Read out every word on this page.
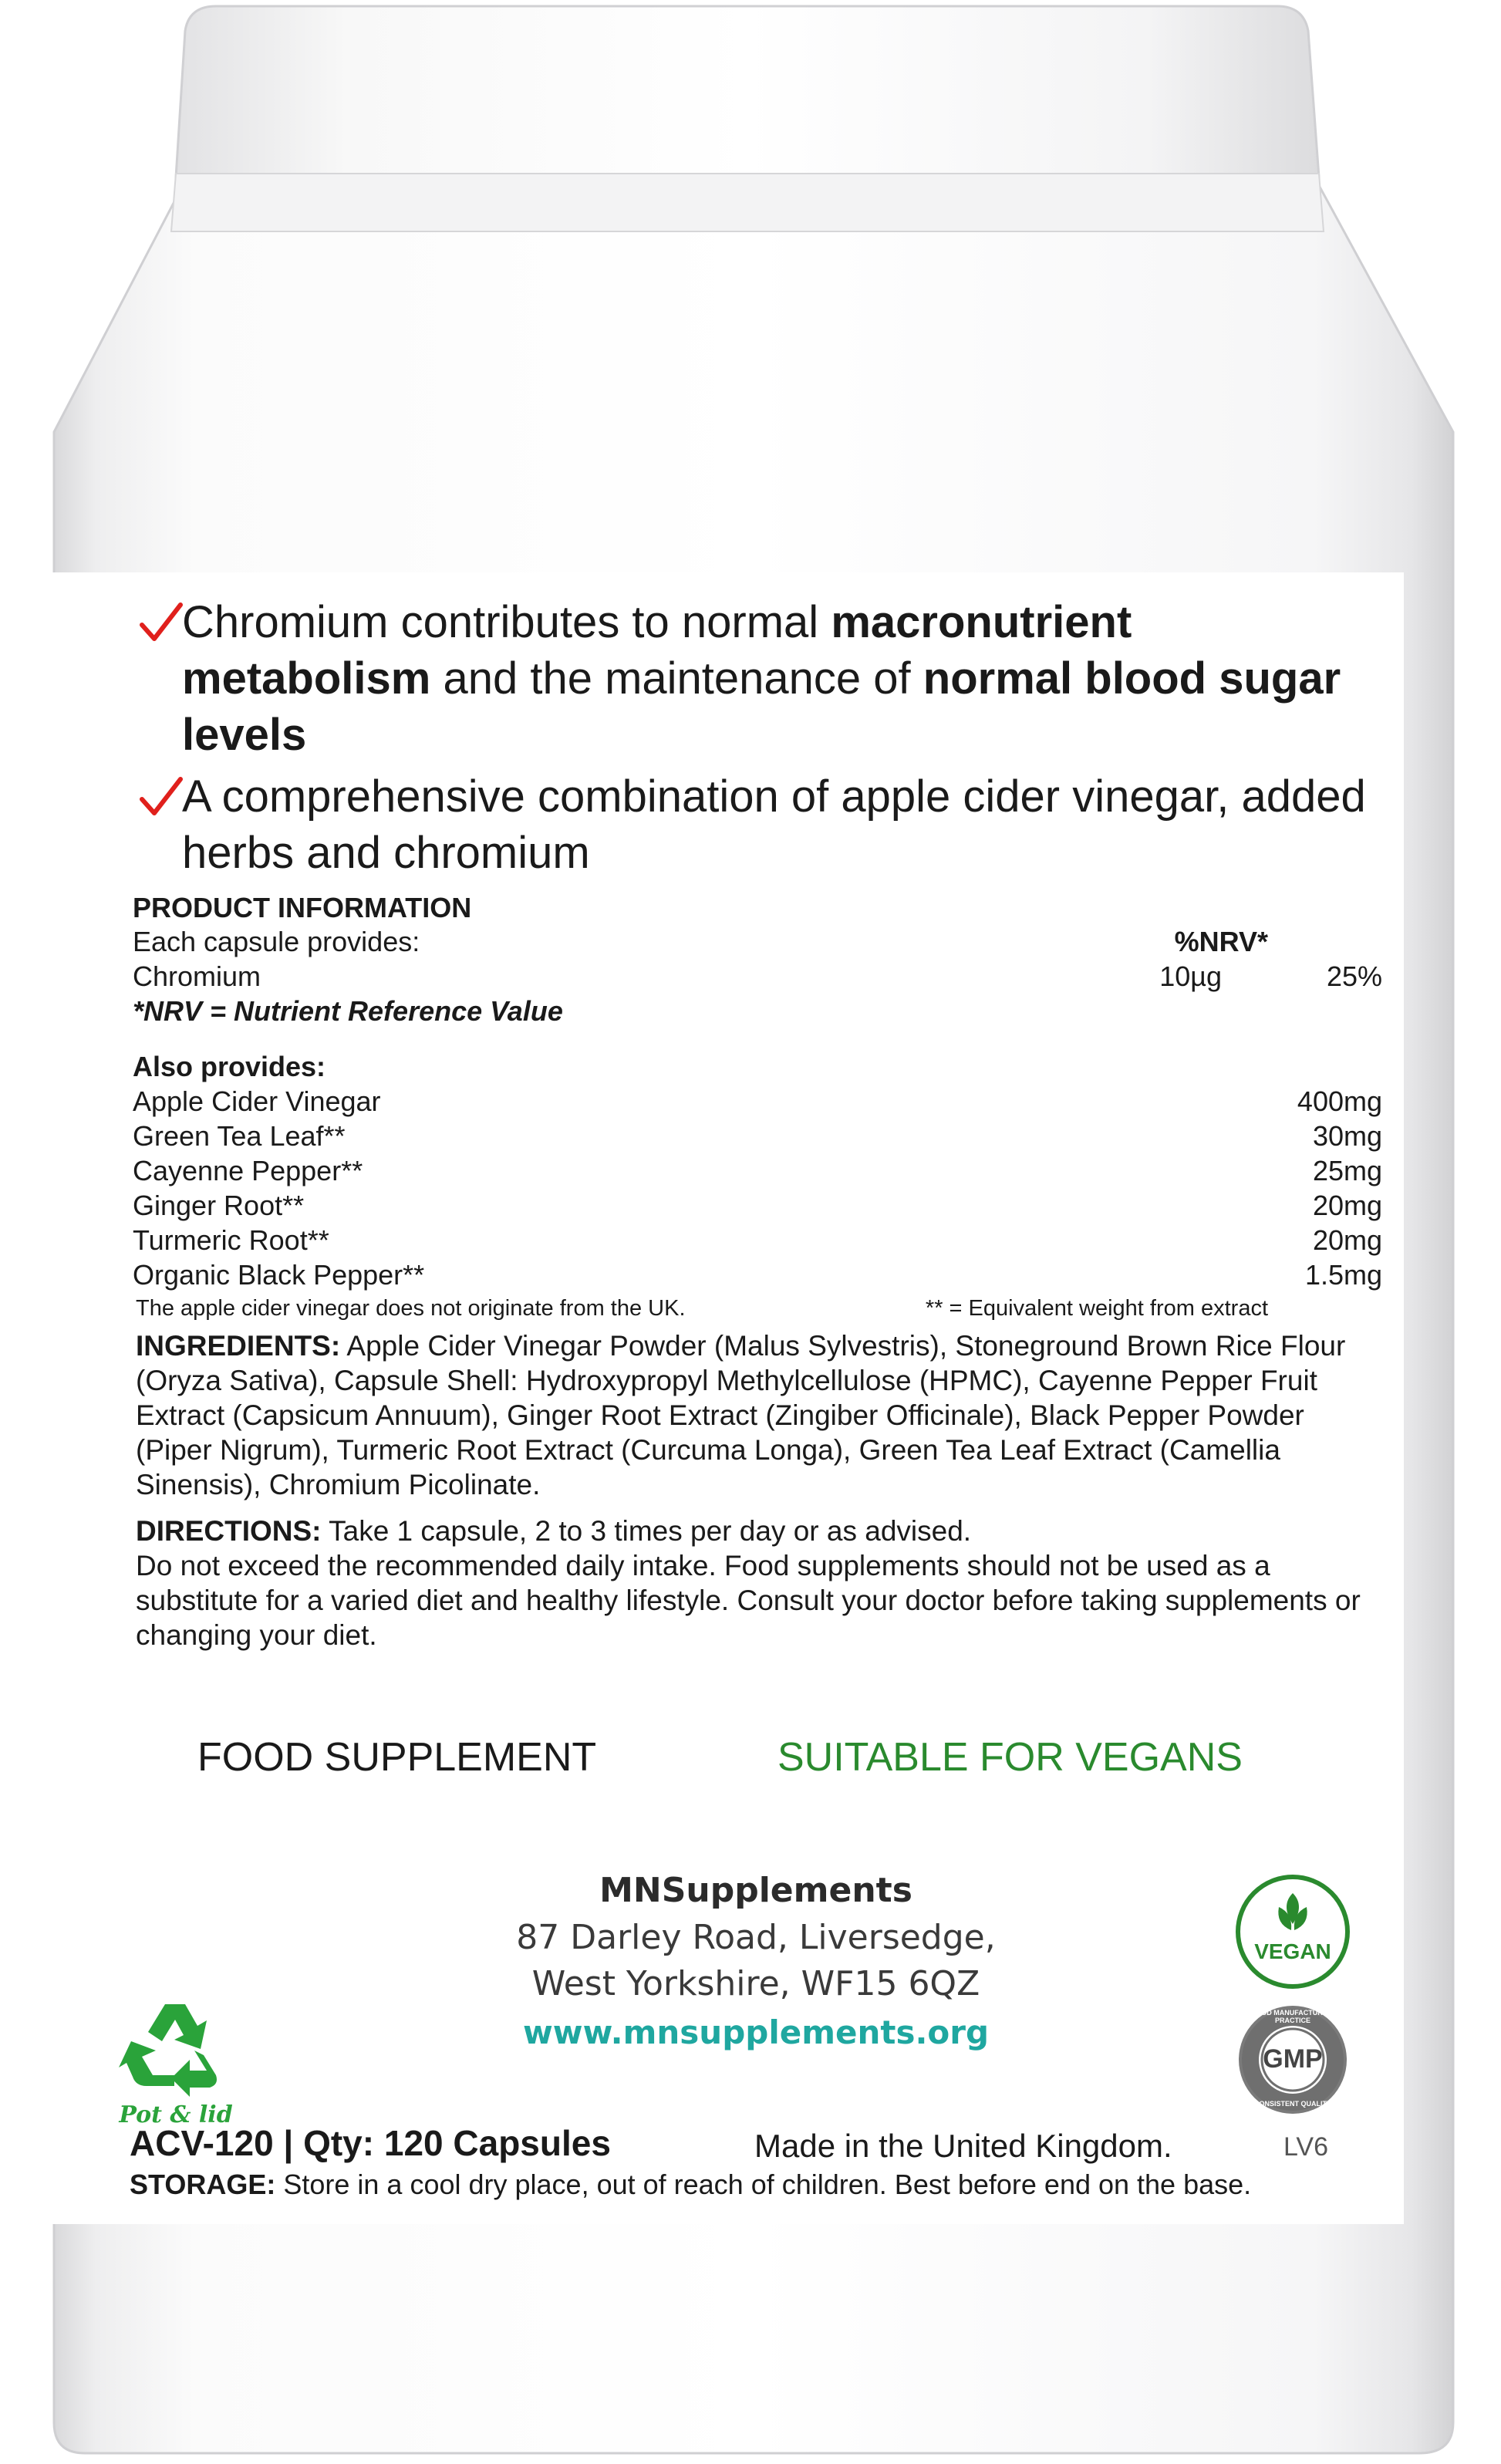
Chromium contributes to normal macronutrient metabolism and the maintenance of normal blood sugar levels
A comprehensive combination of apple cider vinegar, added herbs and chromium
PRODUCT INFORMATION
Each capsule provides:	%NRV*
Chromium	10µg	25%
*NRV = Nutrient Reference Value
Also provides:
Apple Cider Vinegar	400mg
Green Tea Leaf**	30mg
Cayenne Pepper**	25mg
Ginger Root**	20mg
Turmeric Root**	20mg
Organic Black Pepper**	1.5mg
The apple cider vinegar does not originate from the UK.	** = Equivalent weight from extract
INGREDIENTS: Apple Cider Vinegar Powder (Malus Sylvestris), Stoneground Brown Rice Flour (Oryza Sativa), Capsule Shell: Hydroxypropyl Methylcellulose (HPMC), Cayenne Pepper Fruit Extract (Capsicum Annuum), Ginger Root Extract (Zingiber Officinale), Black Pepper Powder (Piper Nigrum), Turmeric Root Extract (Curcuma Longa), Green Tea Leaf Extract (Camellia Sinensis), Chromium Picolinate.
DIRECTIONS: Take 1 capsule, 2 to 3 times per day or as advised.
Do not exceed the recommended daily intake. Food supplements should not be used as a substitute for a varied diet and healthy lifestyle. Consult your doctor before taking supplements or changing your diet.
FOOD SUPPLEMENT	SUITABLE FOR VEGANS
MNSupplements
87 Darley Road, Liversedge,
West Yorkshire, WF15 6QZ
www.mnsupplements.org
Pot & lid
VEGAN
GMP
GOOD MANUFACTURING PRACTICE
CONSISTENT QUALITY
ACV-120 | Qty: 120 Capsules	Made in the United Kingdom.	LV6
STORAGE: Store in a cool dry place, out of reach of children. Best before end on the base.
